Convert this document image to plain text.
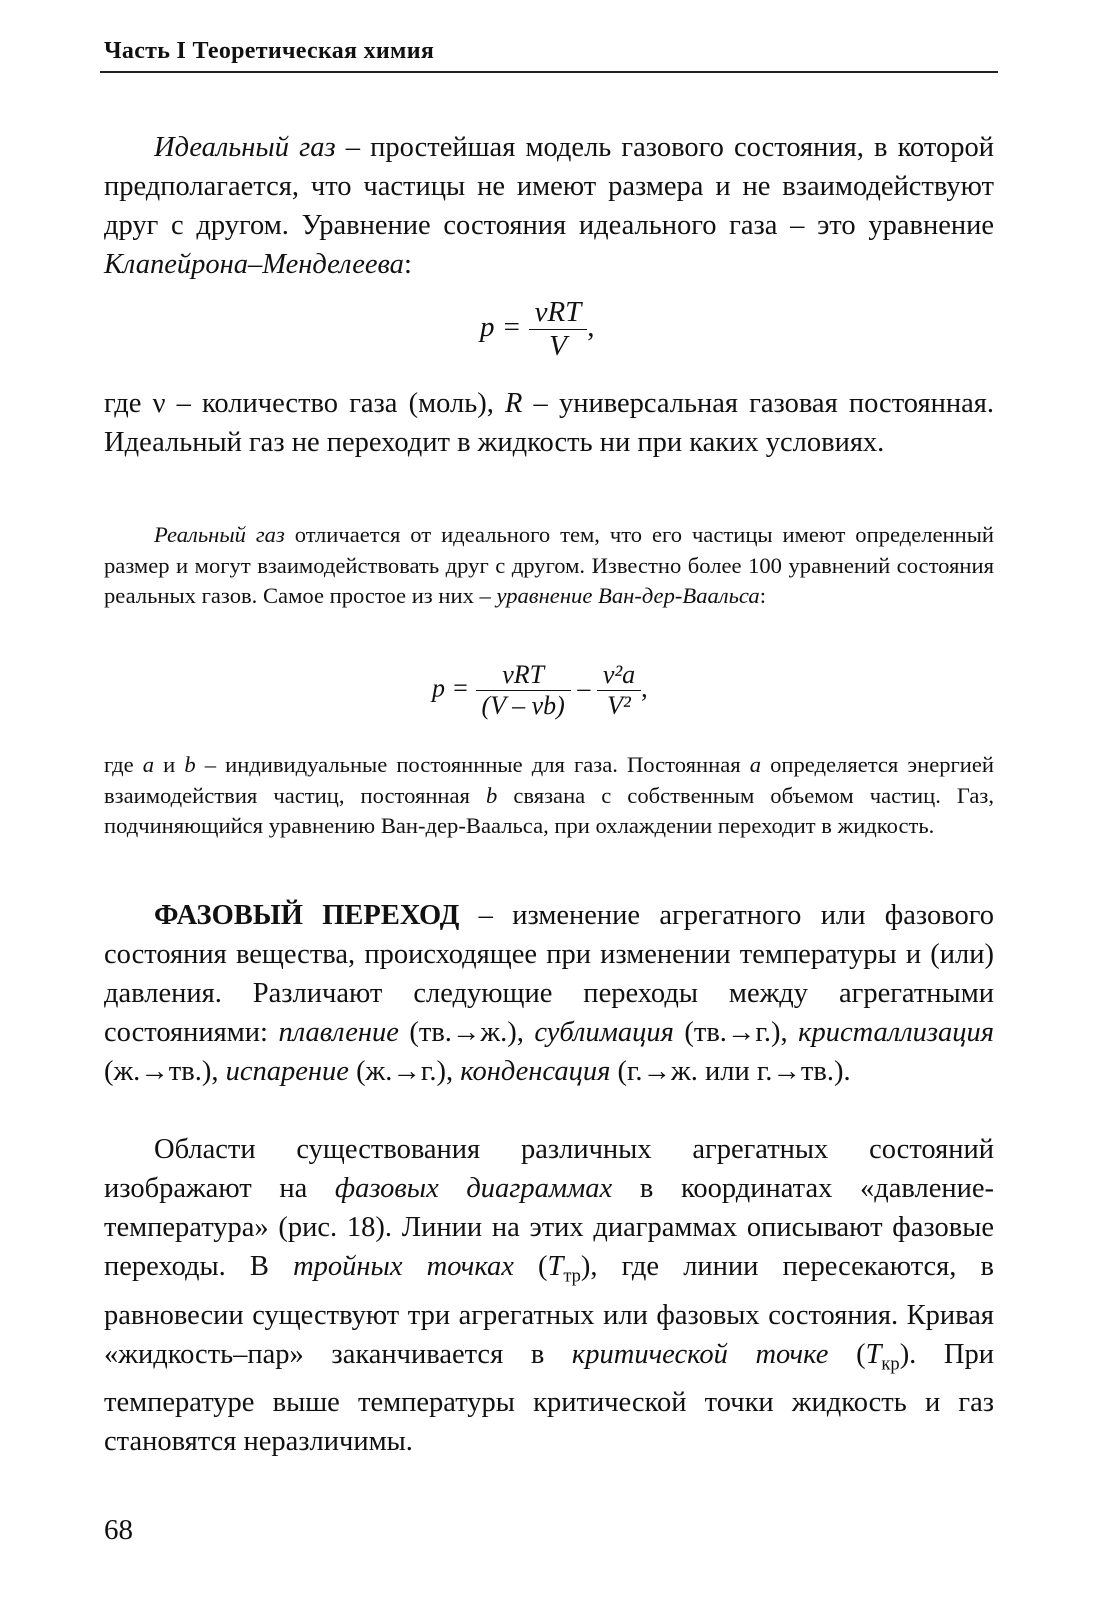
Часть I Теоретическая химия
Идеальный газ – простейшая модель газового состояния, в которой предполагается, что частицы не имеют размера и не взаимодействуют друг с другом. Уравнение состояния идеального газа – это уравнение Клапейрона–Менделеева:
$p = \frac{\text{νRT}}{V}$ ,
где ν – количество газа (моль), R – универсальная газовая постоянная. Идеальный газ не переходит в жидкость ни при каких условиях.
Реальный газ отличается от идеального тем, что его частицы имеют определенный размер и могут взаимодействовать друг с другом. Известно более 100 уравнений состояния реальных газов. Самое простое из них – уравнение Ван-дер-Ваальса:
$p = \frac{\text{νRT}}{(V - \nu b)} - \frac{\text{ν²a}}{\text{V²}}$ ,
где a и b – индивидуальные постояннные для газа. Постоянная a определяется энергией взаимодействия частиц, постоянная b связана с собственным объемом частиц. Газ, подчиняющийся уравнению Ван-дер-Ваальса, при охлаждении переходит в жидкость.
ФАЗОВЫЙ ПЕРЕХОД – изменение агрегатного или фазового состояния вещества, происходящее при изменении температуры и (или) давления. Различают следующие переходы между агрегатными состояниями: плавление (тв.→ж.), сублимация (тв.→г.), кристаллизация (ж.→тв.), испарение (ж.→г.), конденсация (г.→ж. или г.→тв.).
Области существования различных агрегатных состояний изображают на фазовых диаграммах в координатах «давление-температура» (рис. 18). Линии на этих диаграммах описывают фазовые переходы. В тройных точках $(T_{тр})$, где линии пересекаются, в равновесии существуют три агрегатных или фазовых состояния. Кривая «жидкость–пар» заканчивается в критической точке $(T_{кр})$. При температуре выше температуры критической точки жидкость и газ становятся неразличимы.
68
